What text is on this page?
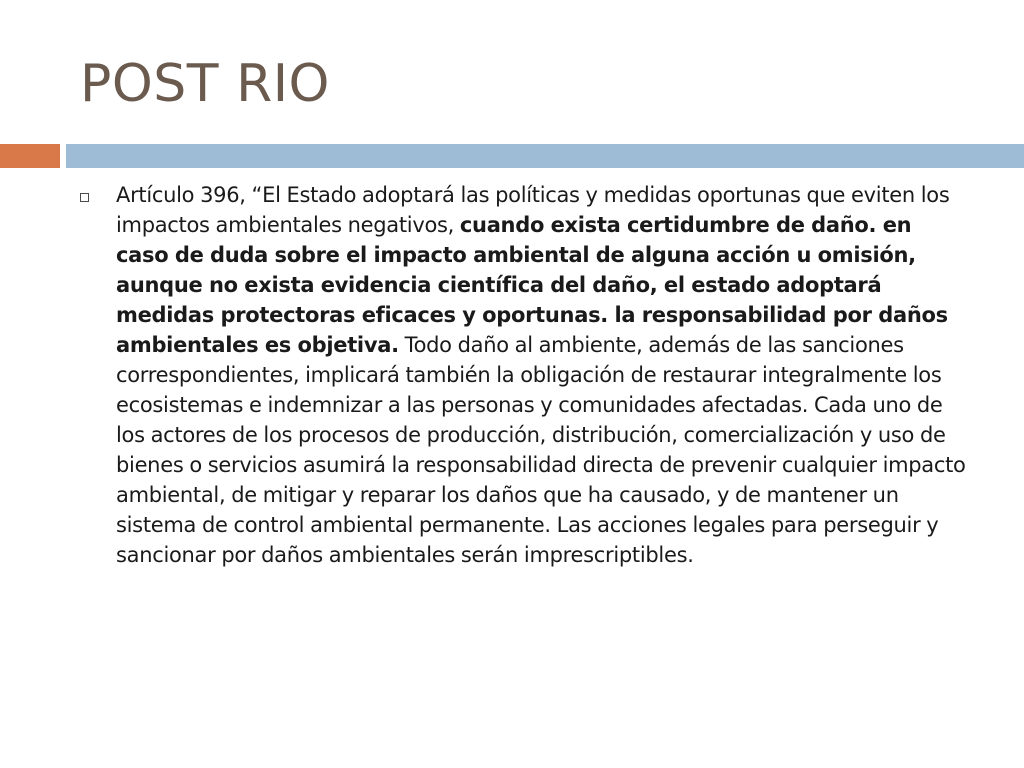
POST RIO

Artículo 396, “El Estado adoptará las políticas y medidas oportunas que eviten los impactos ambientales negativos, cuando exista certidumbre de daño. en caso de duda sobre el impacto ambiental de alguna acción u omisión, aunque no exista evidencia científica del daño, el estado adoptará medidas protectoras eficaces y oportunas. la responsabilidad por daños ambientales es objetiva. Todo daño al ambiente, además de las sanciones correspondientes, implicará también la obligación de restaurar integralmente los ecosistemas e indemnizar a las personas y comunidades afectadas. Cada uno de los actores de los procesos de producción, distribución, comercialización y uso de bienes o servicios asumirá la responsabilidad directa de prevenir cualquier impacto ambiental, de mitigar y reparar los daños que ha causado, y de mantener un sistema de control ambiental permanente. Las acciones legales para perseguir y sancionar por daños ambientales serán imprescriptibles.
